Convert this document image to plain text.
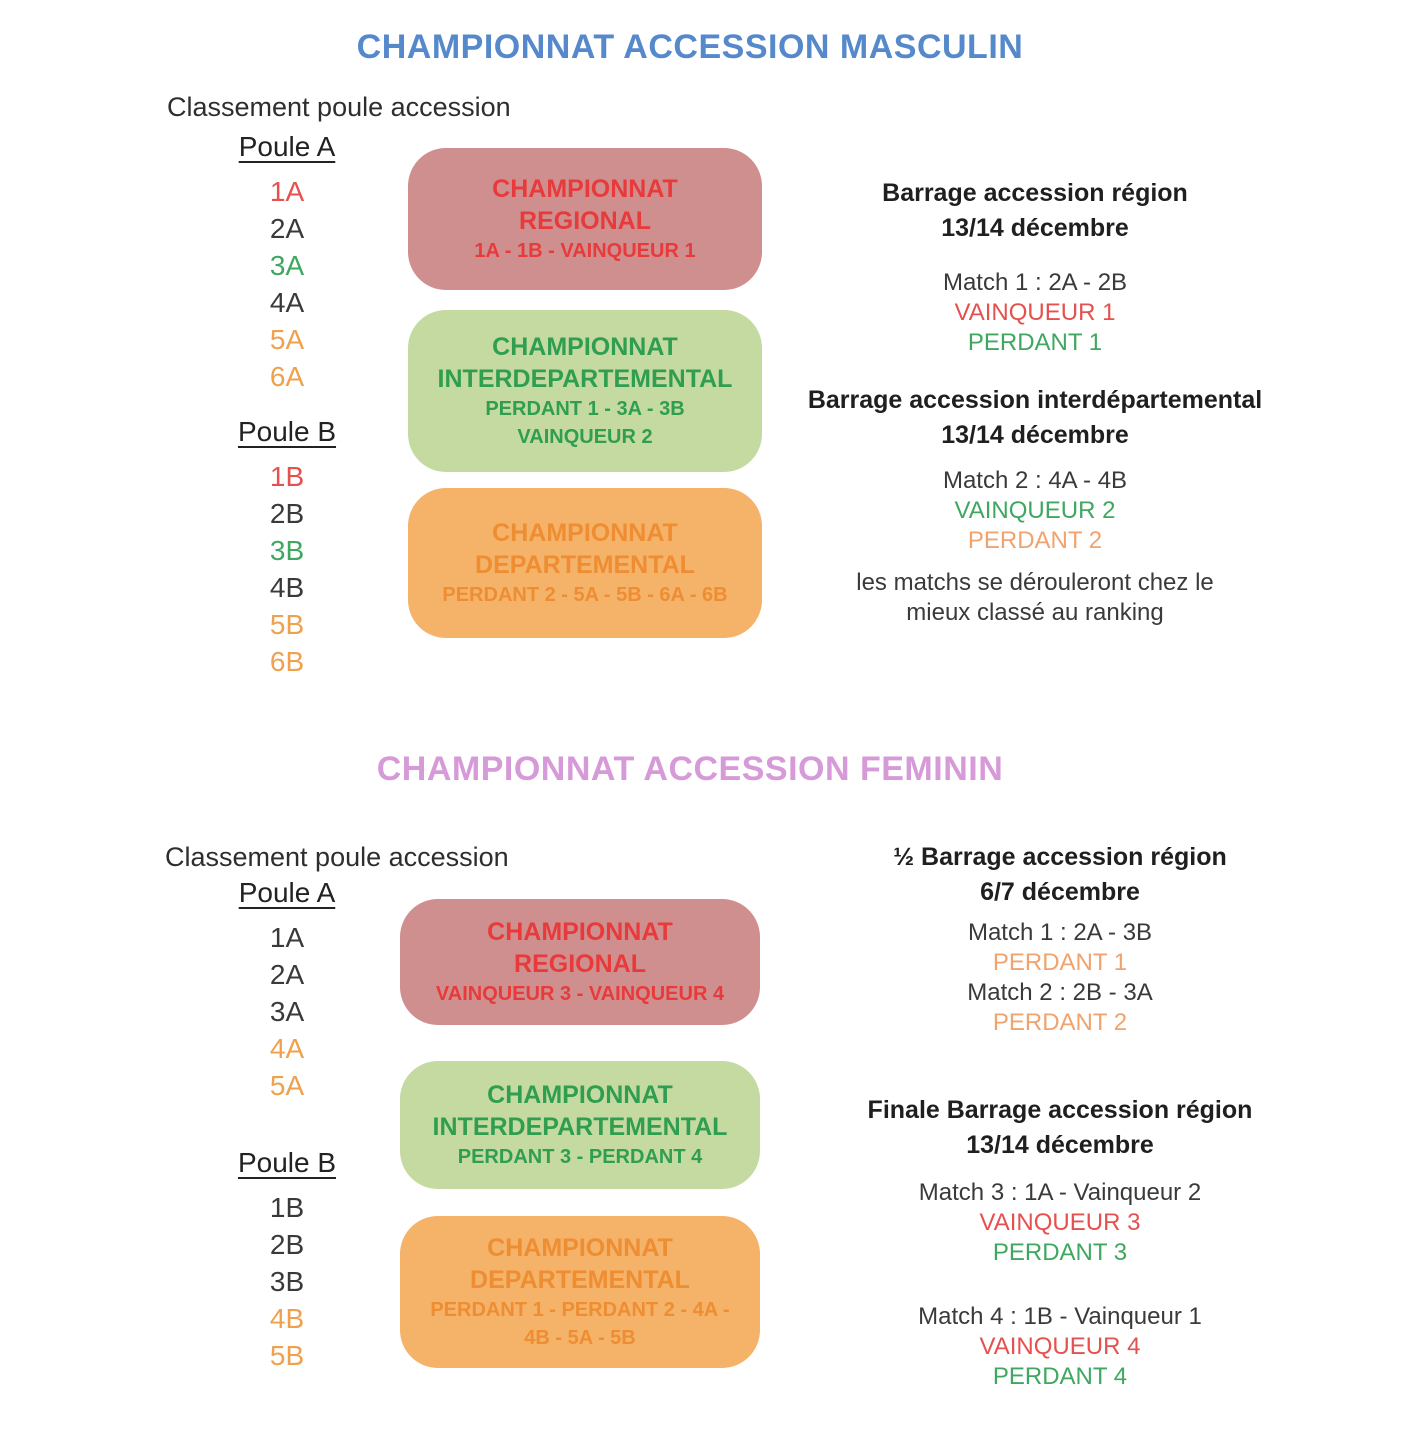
CHAMPIONNAT ACCESSION MASCULIN
Classement poule accession
Poule A
1A
2A
3A
4A
5A
6A
Poule B
1B
2B
3B
4B
5B
6B
CHAMPIONNAT
REGIONAL
1A - 1B - VAINQUEUR 1
CHAMPIONNAT
INTERDEPARTEMENTAL
PERDANT 1 - 3A - 3B
VAINQUEUR 2
CHAMPIONNAT
DEPARTEMENTAL
PERDANT 2 - 5A - 5B - 6A - 6B
Barrage accession région
13/14 décembre
Match 1 : 2A - 2B
VAINQUEUR 1
PERDANT 1
Barrage accession interdépartemental
13/14 décembre
Match 2 : 4A - 4B
VAINQUEUR 2
PERDANT 2
les matchs se dérouleront chez le
mieux classé au ranking
CHAMPIONNAT ACCESSION FEMININ
Classement poule accession
Poule A
1A
2A
3A
4A
5A
Poule B
1B
2B
3B
4B
5B
CHAMPIONNAT
REGIONAL
VAINQUEUR 3 - VAINQUEUR 4
CHAMPIONNAT
INTERDEPARTEMENTAL
PERDANT 3 - PERDANT 4
CHAMPIONNAT
DEPARTEMENTAL
PERDANT 1 - PERDANT 2 - 4A -
4B - 5A - 5B
½ Barrage accession région
6/7 décembre
Match 1 : 2A - 3B
PERDANT 1
Match 2 : 2B - 3A
PERDANT 2
Finale Barrage accession région
13/14 décembre
Match 3 : 1A - Vainqueur 2
VAINQUEUR 3
PERDANT 3
Match 4 : 1B - Vainqueur 1
VAINQUEUR 4
PERDANT 4
